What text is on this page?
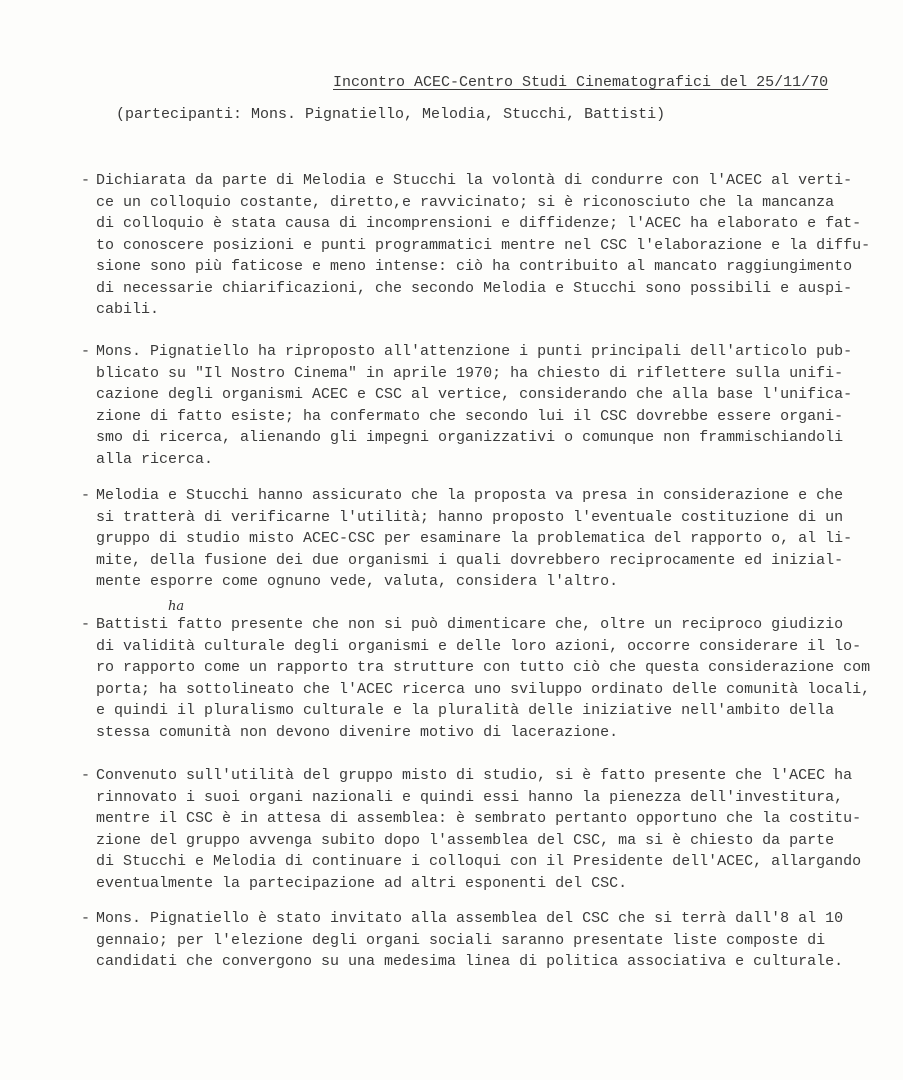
Incontro ACEC-Centro Studi Cinematografici del 25/11/70
(partecipanti: Mons. Pignatiello, Melodia, Stucchi, Battisti)
- Dichiarata da parte di Melodia e Stucchi la volontà di condurre con l'ACEC al verti-
ce un colloquio costante, diretto,e ravvicinato; si è riconosciuto che la mancanza
di colloquio è stata causa di incomprensioni e diffidenze; l'ACEC ha elaborato e fat-
to conoscere posizioni e punti programmatici mentre nel CSC l'elaborazione e la diffu-
sione sono più faticose e meno intense: ciò ha contribuito al mancato raggiungimento
di necessarie chiarificazioni, che secondo Melodia e Stucchi sono possibili e auspi-
cabili.
- Mons. Pignatiello ha riproposto all'attenzione i punti principali dell'articolo pub-
blicato su "Il Nostro Cinema" in aprile 1970; ha chiesto di riflettere sulla unifi-
cazione degli organismi ACEC e CSC al vertice, considerando che alla base l'unifica-
zione di fatto esiste; ha confermato che secondo lui il CSC dovrebbe essere organi-
smo di ricerca, alienando gli impegni organizzativi o comunque non frammischiandoli
alla ricerca.
- Melodia e Stucchi hanno assicurato che la proposta va presa in considerazione e che
si tratterà di verificarne l'utilità; hanno proposto l'eventuale costituzione di un
gruppo di studio misto ACEC-CSC per esaminare la problematica del rapporto o, al li-
mite, della fusione dei due organismi i quali dovrebbero reciprocamente ed inizial-
mente esporre come ognuno vede, valuta, considera l'altro.
-
ha
Battisti fatto presente che non si può dimenticare che, oltre un reciproco giudizio
di validità culturale degli organismi e delle loro azioni, occorre considerare il lo-
ro rapporto come un rapporto tra strutture con tutto ciò che questa considerazione com
porta; ha sottolineato che l'ACEC ricerca uno sviluppo ordinato delle comunità locali,
e quindi il pluralismo culturale e la pluralità delle iniziative nell'ambito della
stessa comunità non devono divenire motivo di lacerazione.
- Convenuto sull'utilità del gruppo misto di studio, si è fatto presente che l'ACEC ha
rinnovato i suoi organi nazionali e quindi essi hanno la pienezza dell'investitura,
mentre il CSC è in attesa di assemblea: è sembrato pertanto opportuno che la costitu-
zione del gruppo avvenga subito dopo l'assemblea del CSC, ma si è chiesto da parte
di Stucchi e Melodia di continuare i colloqui con il Presidente dell'ACEC, allargando
eventualmente la partecipazione ad altri esponenti del CSC.
- Mons. Pignatiello è stato invitato alla assemblea del CSC che si terrà dall'8 al 10
gennaio; per l'elezione degli organi sociali saranno presentate liste composte di
candidati che convergono su una medesima linea di politica associativa e culturale.
